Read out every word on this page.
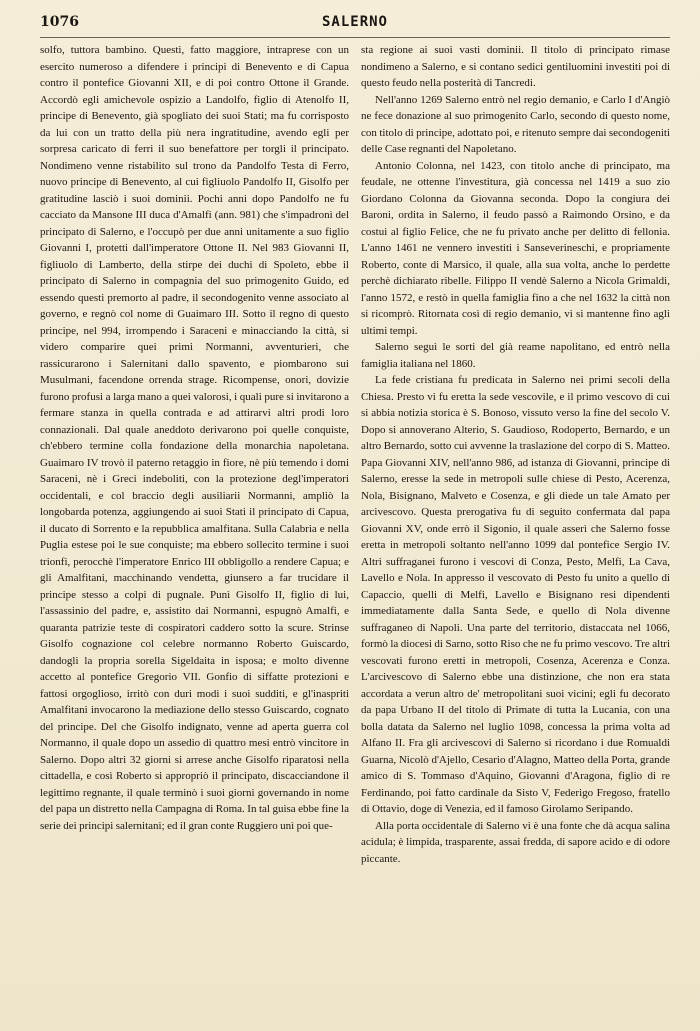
1076	SALERNO

solfo, tuttora bambino. Questi, fatto maggiore, intraprese con un esercito numeroso a difendere i principi di Benevento e di Capua contro il pontefice Giovanni XII, e di poi contro Ottone il Grande. Accordò egli amichevole ospizio a Landolfo, figlio di Atenolfo II, principe di Benevento, già spogliato dei suoi Stati; ma fu corrisposto da lui con un tratto della più nera ingratitudine, avendo egli per sorpresa caricato di ferri il suo benefattore per torgli il principato. Nondimeno venne ristabilito sul trono da Pandolfo Testa di Ferro, nuovo principe di Benevento, al cui figliuolo Pandolfo II, Gisolfo per gratitudine lasciò i suoi dominii. Pochi anni dopo Pandolfo ne fu cacciato da Mansone III duca d'Amalfi (ann. 981) che s'impadronì del principato di Salerno, e l'occupò per due anni unitamente a suo figlio Giovanni I, protetti dall'imperatore Ottone II. Nel 983 Giovanni II, figliuolo di Lamberto, della stirpe dei duchi di Spoleto, ebbe il principato di Salerno in compagnia del suo primogenito Guido, ed essendo questi premorto al padre, il secondogenito venne associato al governo, e regnò col nome di Guaimaro III. Sotto il regno di questo principe, nel 994, irrompendo i Saraceni e minacciando la città, si videro comparire quei primi Normanni, avventurieri, che rassicurarono i Salernitani dallo spavento, e piombarono sui Musulmani, facendone orrenda strage. Ricompense, onori, dovizie furono profusi a larga mano a quei valorosi, i quali pure si invitarono a fermare stanza in quella contrada e ad attirarvi altri prodi loro connazionali. Dal quale aneddoto derivarono poi quelle conquiste, ch'ebbero termine colla fondazione della monarchia napoletana. Guaimaro IV trovò il paterno retaggio in fiore, nè più temendo i domi Saraceni, nè i Greci indeboliti, con la protezione degl'imperatori occidentali, e col braccio degli ausiliarii Normanni, ampliò la longobarda potenza, aggiungendo ai suoi Stati il principato di Capua, il ducato di Sorrento e la repubblica amalfitana. Sulla Calabria e nella Puglia estese poi le sue conquiste; ma ebbero sollecito termine i suoi trionfi, perocchè l'imperatore Enrico III obbligollo a rendere Capua; e gli Amalfitani, macchinando vendetta, giunsero a far trucidare il principe stesso a colpi di pugnale. Punì Gisolfo II, figlio di lui, l'assassinio del padre, e, assistito dai Normanni, espugnò Amalfi, e quaranta patrizie teste di cospiratori caddero sotto la scure. Strinse Gisolfo cognazione col celebre normanno Roberto Guiscardo, dandogli la propria sorella Sigeldaita in isposa; e molto divenne accetto al pontefice Gregorio VII. Gonfio di siffatte protezioni e fattosi orgoglioso, irritò con duri modi i suoi sudditi, e gl'inaspriti Amalfitani invocarono la mediazione dello stesso Guiscardo, cognato del principe. Del che Gisolfo indignato, venne ad aperta guerra col Normanno, il quale dopo un assedio di quattro mesi entrò vincitore in Salerno. Dopo altri 32 giorni si arrese anche Gisolfo riparatosi nella cittadella, e così Roberto si appropriò il principato, discacciandone il legittimo regnante, il quale terminò i suoi giorni governando in nome del papa un distretto nella Campagna di Roma. In tal guisa ebbe fine la serie dei principi salernitani; ed il gran conte Ruggiero unì poi que-

sta regione ai suoi vasti dominii. Il titolo di principato rimase nondimeno a Salerno, e si contano sedici gentiluomini investiti poi di questo feudo nella posterità di Tancredi.

Nell'anno 1269 Salerno entrò nel regio demanio, e Carlo I d'Angiò ne fece donazione al suo primogenito Carlo, secondo di questo nome, con titolo di principe, adottato poi, e ritenuto sempre dai secondogeniti delle Case regnanti del Napoletano.

Antonio Colonna, nel 1423, con titolo anche di principato, ma feudale, ne ottenne l'investitura, già concessa nel 1419 a suo zio Giordano Colonna da Giovanna seconda. Dopo la congiura dei Baroni, ordita in Salerno, il feudo passò a Raimondo Orsino, e da costui al figlio Felice, che ne fu privato anche per delitto di fellonia. L'anno 1461 ne vennero investiti i Sanseverineschi, e propriamente Roberto, conte di Marsico, il quale, alla sua volta, anche lo perdette perchè dichiarato ribelle. Filippo II vendè Salerno a Nicola Grimaldi, l'anno 1572, e restò in quella famiglia fino a che nel 1632 la città non si ricomprò. Ritornata così di regio demanio, vi si mantenne fino agli ultimi tempi.

Salerno seguì le sorti del già reame napolitano, ed entrò nella famiglia italiana nel 1860.

La fede cristiana fu predicata in Salerno nei primi secoli della Chiesa. Presto vi fu eretta la sede vescovile, e il primo vescovo di cui si abbia notizia storica è S. Bonoso, vissuto verso la fine del secolo V. Dopo si annoverano Alterio, S. Gaudioso, Rodoperto, Bernardo, e un altro Bernardo, sotto cui avvenne la traslazione del corpo di S. Matteo. Papa Giovanni XIV, nell'anno 986, ad istanza di Giovanni, principe di Salerno, eresse la sede in metropoli sulle chiese di Pesto, Acerenza, Nola, Bisignano, Malveto e Cosenza, e gli diede un tale Amato per arcivescovo. Questa prerogativa fu di seguito confermata dal papa Giovanni XV, onde errò il Sigonio, il quale asserì che Salerno fosse eretta in metropoli soltanto nell'anno 1099 dal pontefice Sergio IV. Altri suffraganei furono i vescovi di Conza, Pesto, Melfi, La Cava, Lavello e Nola. In appresso il vescovato di Pesto fu unito a quello di Capaccio, quelli di Melfi, Lavello e Bisignano resi dipendenti immediatamente dalla Santa Sede, e quello di Nola divenne suffraganeo di Napoli. Una parte del territorio, distaccata nel 1066, formò la diocesi di Sarno, sotto Riso che ne fu primo vescovo. Tre altri vescovati furono eretti in metropoli, Cosenza, Acerenza e Conza. L'arcivescovo di Salerno ebbe una distinzione, che non era stata accordata a verun altro de' metropolitani suoi vicini; egli fu decorato da papa Urbano II del titolo di Primate di tutta la Lucania, con una bolla datata da Salerno nel luglio 1098, concessa la prima volta ad Alfano II. Fra gli arcivescovi di Salerno si ricordano i due Romualdi Guarna, Nicolò d'Ajello, Cesario d'Alagno, Matteo della Porta, grande amico di S. Tommaso d'Aquino, Giovanni d'Aragona, figlio di re Ferdinando, poi fatto cardinale da Sisto V, Federigo Fregoso, fratello di Ottavio, doge di Venezia, ed il famoso Girolamo Seripando.

Alla porta occidentale di Salerno vi è una fonte che dà acqua salina acidula; è limpida, trasparente, assai fredda, di sapore acido e di odore piccante.
